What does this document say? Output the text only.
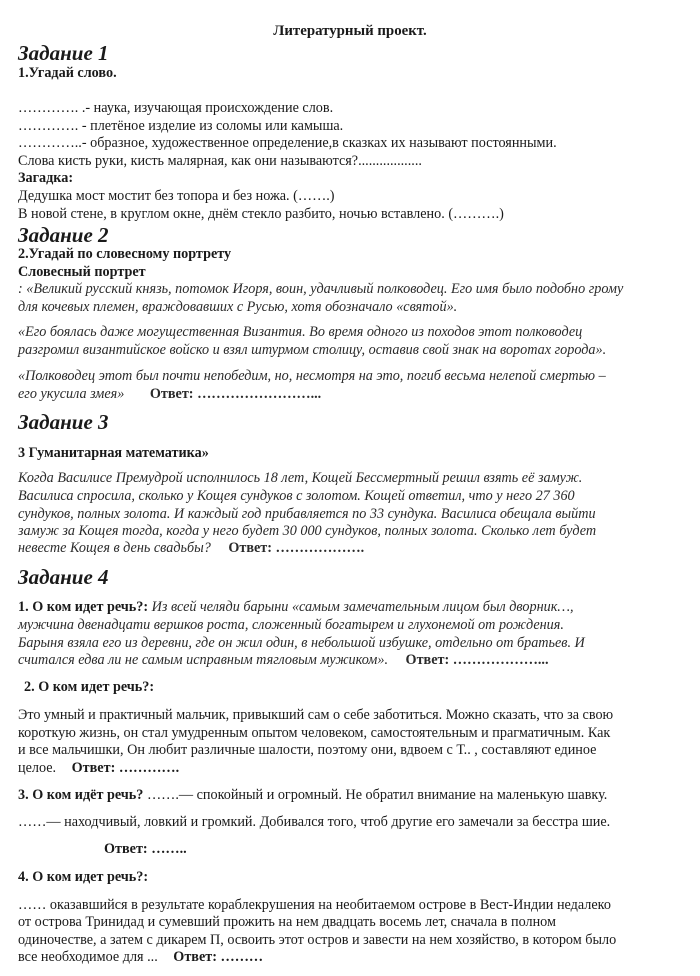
Литературный проект.
Задание 1
1.Угадай слово.
…………. .- наука, изучающая происхождение слов.
…………. - плетёное изделие из соломы или камыша.
…………..- образное, художественное определение,в сказках их называют постоянными.
Слова кисть руки, кисть малярная, как они называются?..................
Загадка:
Дедушка мост мостит без топора и без ножа. (…….)
В новой стене, в круглом окне, днём стекло разбито, ночью вставлено. (……….)
Задание 2
2.Угадай по словесному портрету
Словесный портрет
: «Великий русский князь, потомок Игоря, воин, удачливый полководец. Его имя было подобно грому
для кочевых племен, враждовавших с Русью, хотя обозначало «святой».
«Его боялась даже могущественная Византия. Во время одного из походов этот полководец
разгромил византийское войско и взял штурмом столицу, оставив свой знак на воротах города».
«Полководец этот был почти непобедим, но, несмотря на это, погиб весьма нелепой смертью –
его укусила змея» Ответ: ……………………...
Задание 3
3 Гуманитарная математика»
Когда Василисе Премудрой исполнилось 18 лет, Кощей Бессмертный решил взять её замуж.
Василиса спросила, сколько у Кощея сундуков с золотом. Кощей ответил, что у него 27 360
сундуков, полных золота. И каждый год прибавляется по 33 сундука. Василиса обещала выйти
замуж за Кощея тогда, когда у него будет 30 000 сундуков, полных золота. Сколько лет будет
невесте Кощея в день свадьбы? Ответ: ……………….
Задание 4
1. О ком идет речь?: Из всей челяди барыни «самым замечательным лицом был дворник…,
мужчина двенадцати вершков роста, сложенный богатырем и глухонемой от рождения.
Барыня взяла его из деревни, где он жил один, в небольшой избушке, отдельно от братьев. И
считался едва ли не самым исправным тягловым мужиком». Ответ: ………………...
2. О ком идет речь?:
Это умный и практичный мальчик, привыкший сам о себе заботиться. Можно сказать, что за свою
короткую жизнь, он стал умудренным опытом человеком, самостоятельным и прагматичным. Как
и все мальчишки, Он любит различные шалости, поэтому они, вдвоем с Т.. , составляют единое
целое. Ответ: ………….
3. О ком идёт речь? …….— спокойный и огромный. Не обратил внимание на маленькую шавку.
……— находчивый, ловкий и громкий. Добивался того, чтоб другие его замечали за бесстра шие.
Ответ: ……..
4. О ком идет речь?:
…… оказавшийся в результате кораблекрушения на необитаемом острове в Вест-Индии недалеко
от острова Тринидад и сумевший прожить на нем двадцать восемь лет, сначала в полном
одиночестве, а затем с дикарем П, освоить этот остров и завести на нем хозяйство, в котором было
все необходимое для ... Ответ: ………
